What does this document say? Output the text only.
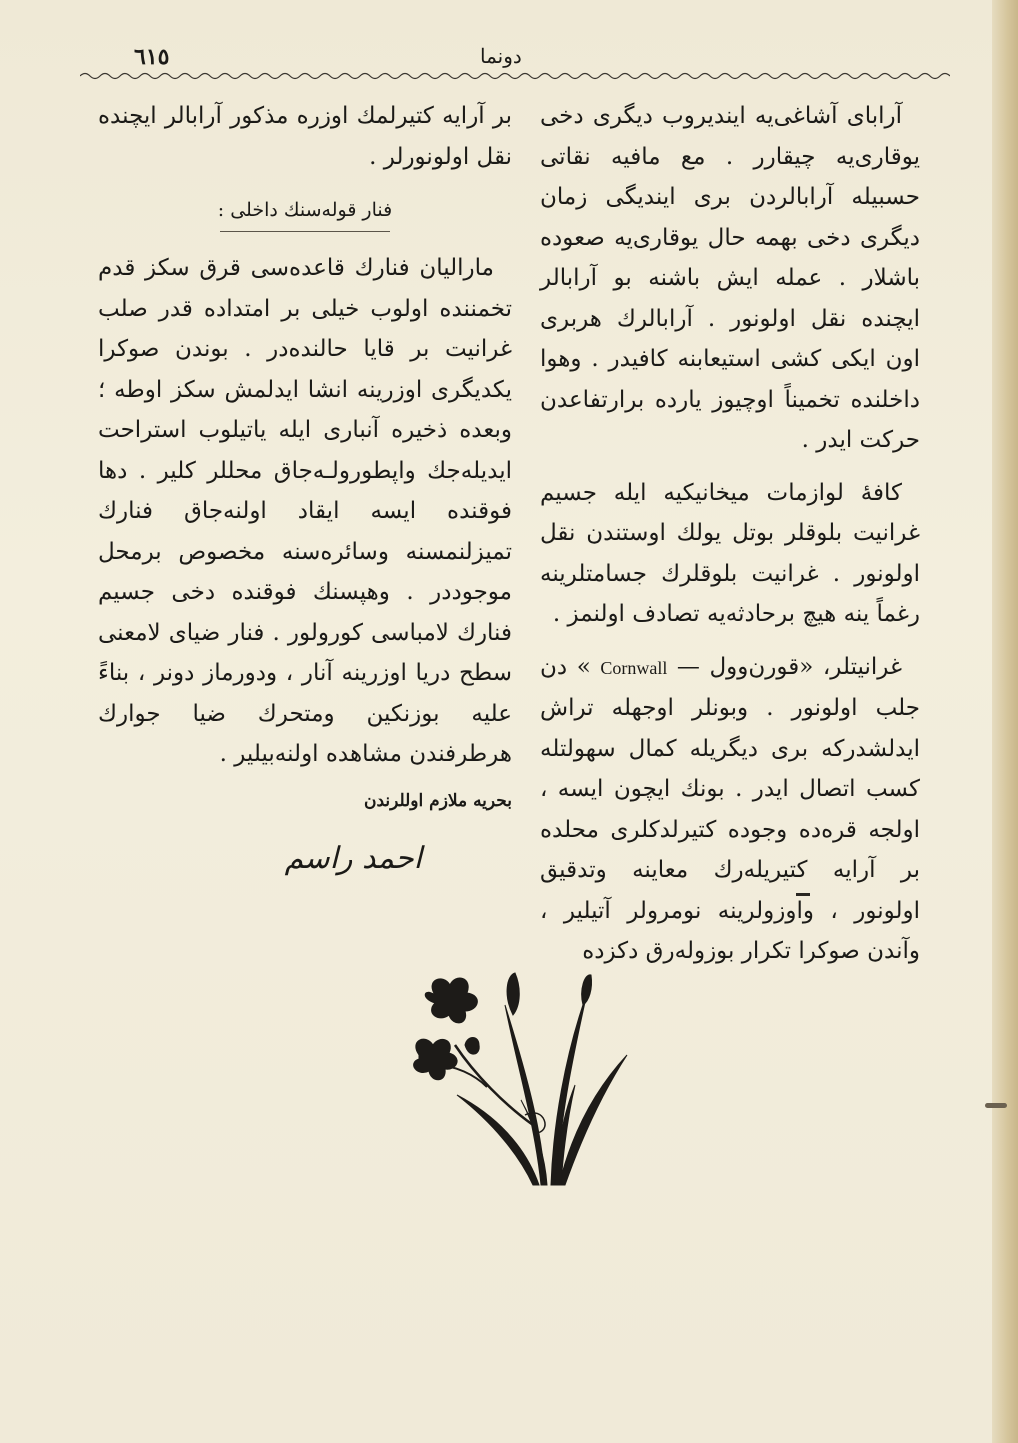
٦١٥	دونما

آرابای آشاغی‌یه ایندیروب دیگری دخی یوقاری‌یه چیقارر . مع مافیه نقاتی حسبیله آرابالردن بری ایندیگی زمان دیگری دخی بهمه حال یوقاری‌یه صعوده باشلار . عمله ایش باشنه بو آرابالر ایچنده نقل اولونور . آرابالرك هربری اون ایکی کشی استیعابنه کافیدر . وهوا داخلنده تخمیناً اوچیوز یارده برارتفاعدن حرکت ایدر .

کافهٔ لوازمات میخانیکیه ایله جسیم غرانیت بلوقلر بوتل یولك اوستندن نقل اولونور . غرانیت بلوقلرك جسامتلرینه رغماً ینه هیچ برحادثه‌یه تصادف اولنمز .

غرانیتلر، «قورن‌وول — Cornwall » دن جلب اولونور . وبونلر اوجهله تراش ایدلشدرکه بری دیگریله کمال سهولتله کسب اتصال ایدر . بونك ایچون ایسه ، اولجه قره‌ده وجوده کتیرلدکلری محلده بر آرایه کتیریله‌رك معاینه وتدقیق اولونور ، واوزولرینه نومرولر آتیلیر ، وآندن صوکرا تکرار بوزوله‌رق دکزده

بر آرایه کتیرلمك اوزره مذکور آرابالر ایچنده نقل اولونورلر .

فنار قوله‌سنك داخلی :

مارالیان فنارك قاعده‌سی قرق سکز قدم تخمننده اولوب خیلی بر امتداده قدر صلب غرانیت بر قایا حالنده‌در . بوندن صوکرا یکدیگری اوزرینه انشا ایدلمش سکز اوطه ؛ وبعده ذخیره آنباری ایله یاتیلوب استراحت ایدیله‌جك واپطورولـه‌جاق محللر کلیر . دها فوقنده ایسه ایقاد اولنه‌جاق فنارك تمیزلنمسنه وسائره‌سنه مخصوص برمحل موجوددر . وهپسنك فوقنده دخی جسیم فنارك لامباسی کورولور . فنار ضیای لامعنی سطح دریا اوزرینه آنار ، ودورماز دونر ، بناءً علیه بوزنکین ومتحرك ضیا جوارك هرطرفندن مشاهده اولنه‌بیلیر .

بحریه ملازم اوللرندن

احمد راسم
